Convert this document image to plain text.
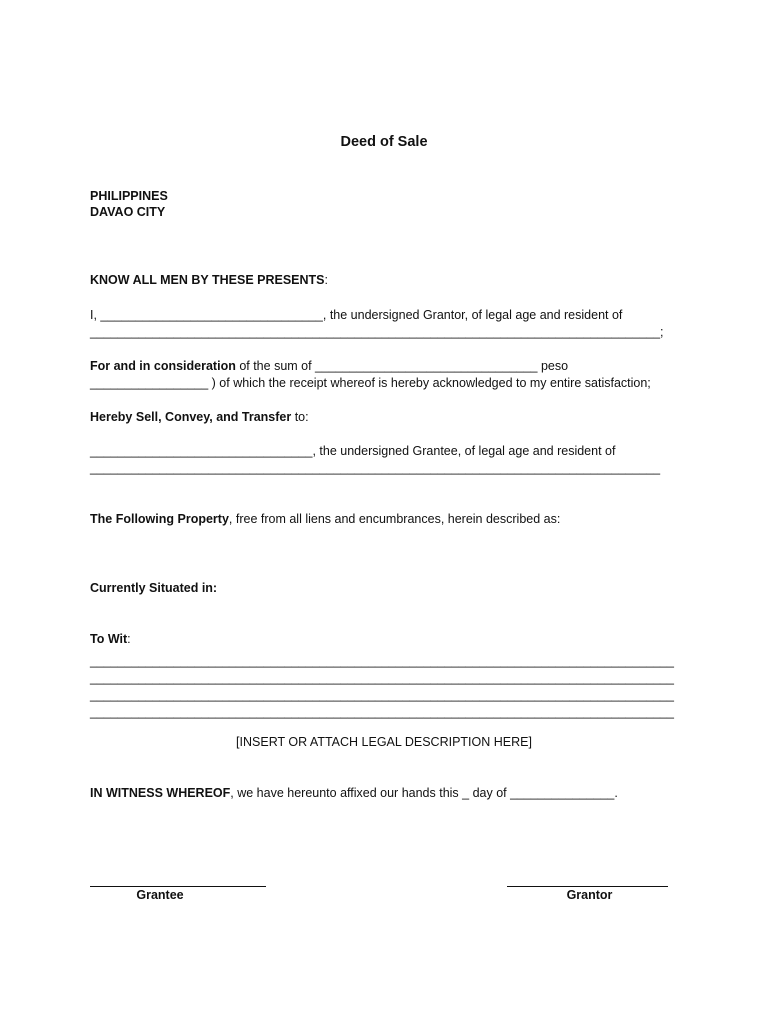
Deed of Sale
PHILIPPINES
DAVAO CITY
KNOW ALL MEN BY THESE PRESENTS:
I, ________________________________, the undersigned Grantor, of legal age and resident of
__________________________________________________________________________________;
For and in consideration of the sum of ________________________________ peso
_________________ ) of which the receipt whereof is hereby acknowledged to my entire satisfaction;
Hereby Sell, Convey, and Transfer to:
________________________________, the undersigned Grantee, of legal age and resident of
__________________________________________________________________________________
The Following Property, free from all liens and encumbrances, herein described as:
Currently Situated in:
To Wit:
____________________________________________________________________________________
____________________________________________________________________________________
____________________________________________________________________________________
____________________________________________________________________________________
[INSERT OR ATTACH LEGAL DESCRIPTION HERE]
IN WITNESS WHEREOF, we have hereunto affixed our hands this _ day of _______________.
Grantee	Grantor
